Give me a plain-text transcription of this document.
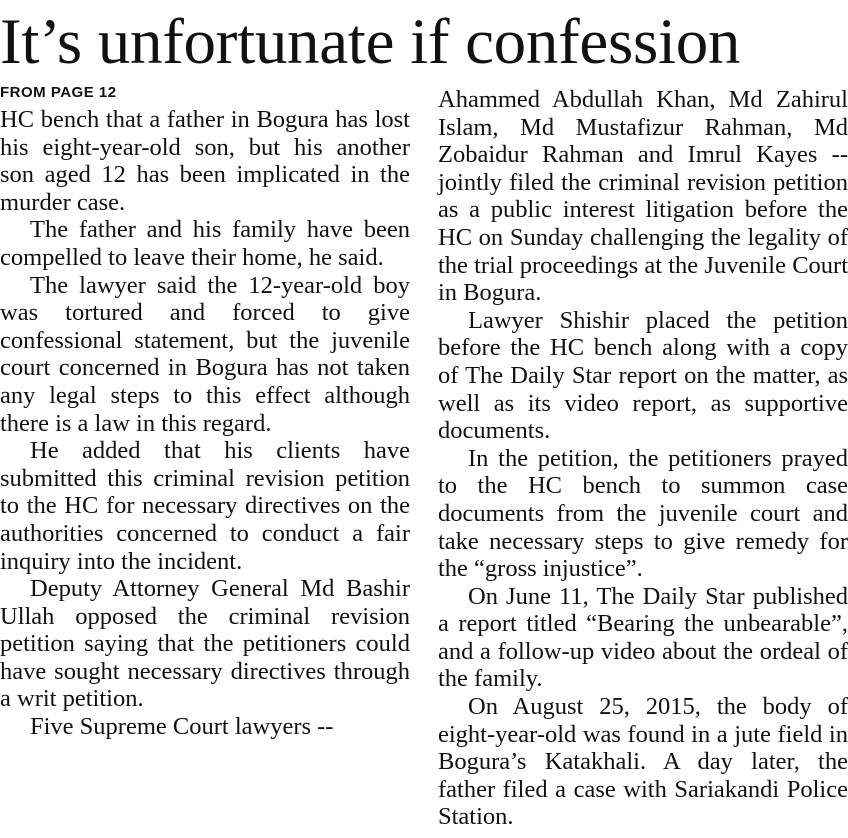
It’s unfortunate if confession

FROM PAGE 12

HC bench that a father in Bogura has lost his eight-year-old son, but his another son aged 12 has been implicated in the murder case.

The father and his family have been compelled to leave their home, he said.

The lawyer said the 12-year-old boy was tortured and forced to give confessional statement, but the juvenile court concerned in Bogura has not taken any legal steps to this effect although there is a law in this regard.

He added that his clients have submitted this criminal revision petition to the HC for necessary directives on the authorities concerned to conduct a fair inquiry into the incident.

Deputy Attorney General Md Bashir Ullah opposed the criminal revision petition saying that the petitioners could have sought necessary directives through a writ petition.

Five Supreme Court lawyers --

Ahammed Abdullah Khan, Md Zahirul Islam, Md Mustafizur Rahman, Md Zobaidur Rahman and Imrul Kayes -- jointly filed the criminal revision petition as a public interest litigation before the HC on Sunday challenging the legality of the trial proceedings at the Juvenile Court in Bogura.

Lawyer Shishir placed the petition before the HC bench along with a copy of The Daily Star report on the matter, as well as its video report, as supportive documents.

In the petition, the petitioners prayed to the HC bench to summon case documents from the juvenile court and take necessary steps to give remedy for the “gross injustice”.

On June 11, The Daily Star published a report titled “Bearing the unbearable”, and a follow-up video about the ordeal of the family.

On August 25, 2015, the body of eight-year-old was found in a jute field in Bogura’s Katakhali. A day later, the father filed a case with Sariakandi Police Station.
